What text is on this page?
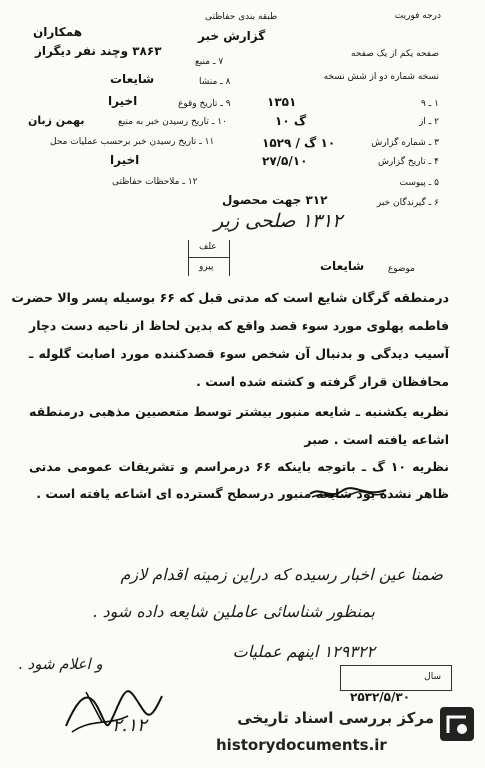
درجه فوریت
طبقه بندی حفاظتی
گزارش خبر
همکاران
صفحه یکم از یک صفحه
نسخه شماره دو از شش نسخه
۱ ـ ۹
۱۳۵۱
۲ ـ از
گ ۱۰
۳ ـ شماره گزارش
۱۰ گ / ۱۵۲۹
۴ ـ تاریخ گزارش
۲۷/۵/۱۰
۵ ـ پیوست
۶ ـ گیرندگان خبر
۳۱۲ جهت محصول
۷ ـ منبع
۳۸۶۳ وچند نفر دیگراز
۸ ـ منشا
شایعات
۹ ـ تاریخ وقوع
اخیرا
۱۰ ـ تاریخ رسیدن خبر به منبع
بهمن زبان
۱۱ ـ تاریخ رسیدن خبر برحسب عملیات محل
اخیرا
۱۲ ـ ملاحظات حفاظتی
۱۳۱۲ صلحی زیر
علف
پیرو	موضوع
شایعات
درمنطقه گرگان شایع است که مدتی قبل که ۶۶ بوسیله پسر والا حضرت
فاطمه پهلوی مورد سوء قصد واقع که بدین لحاظ از ناحیه دست دچار
آسیب دیدگی و بدنبال آن شخص سوء قصدکننده مورد اصابت گلوله ـ
محافظان قرار گرفته و کشته شده است .
نظریه یکشنبه ـ شایعه منبور بیشتر توسط متعصبین مذهبی درمنطقه
اشاعه یافته است . صبر
نظریه ۱۰ گ ـ باتوجه باینکه ۶۶ درمراسم و تشریفات عمومی مدتی
ظاهر نشده بود شایعه منبور درسطح گسترده ای اشاعه یافته است .
ضمنا عین اخبار رسیده که دراین زمینه اقدام لازم
بمنظور شناسائی عاملین شایعه داده شود .
۱۲۹۳۲۲ اینهم عملیات
و اعلام شود .
۲.۱۲
سال
۲۵۳۲/۵/۳۰
مرکز بررسی اسناد تاریخی
historydocuments.ir
